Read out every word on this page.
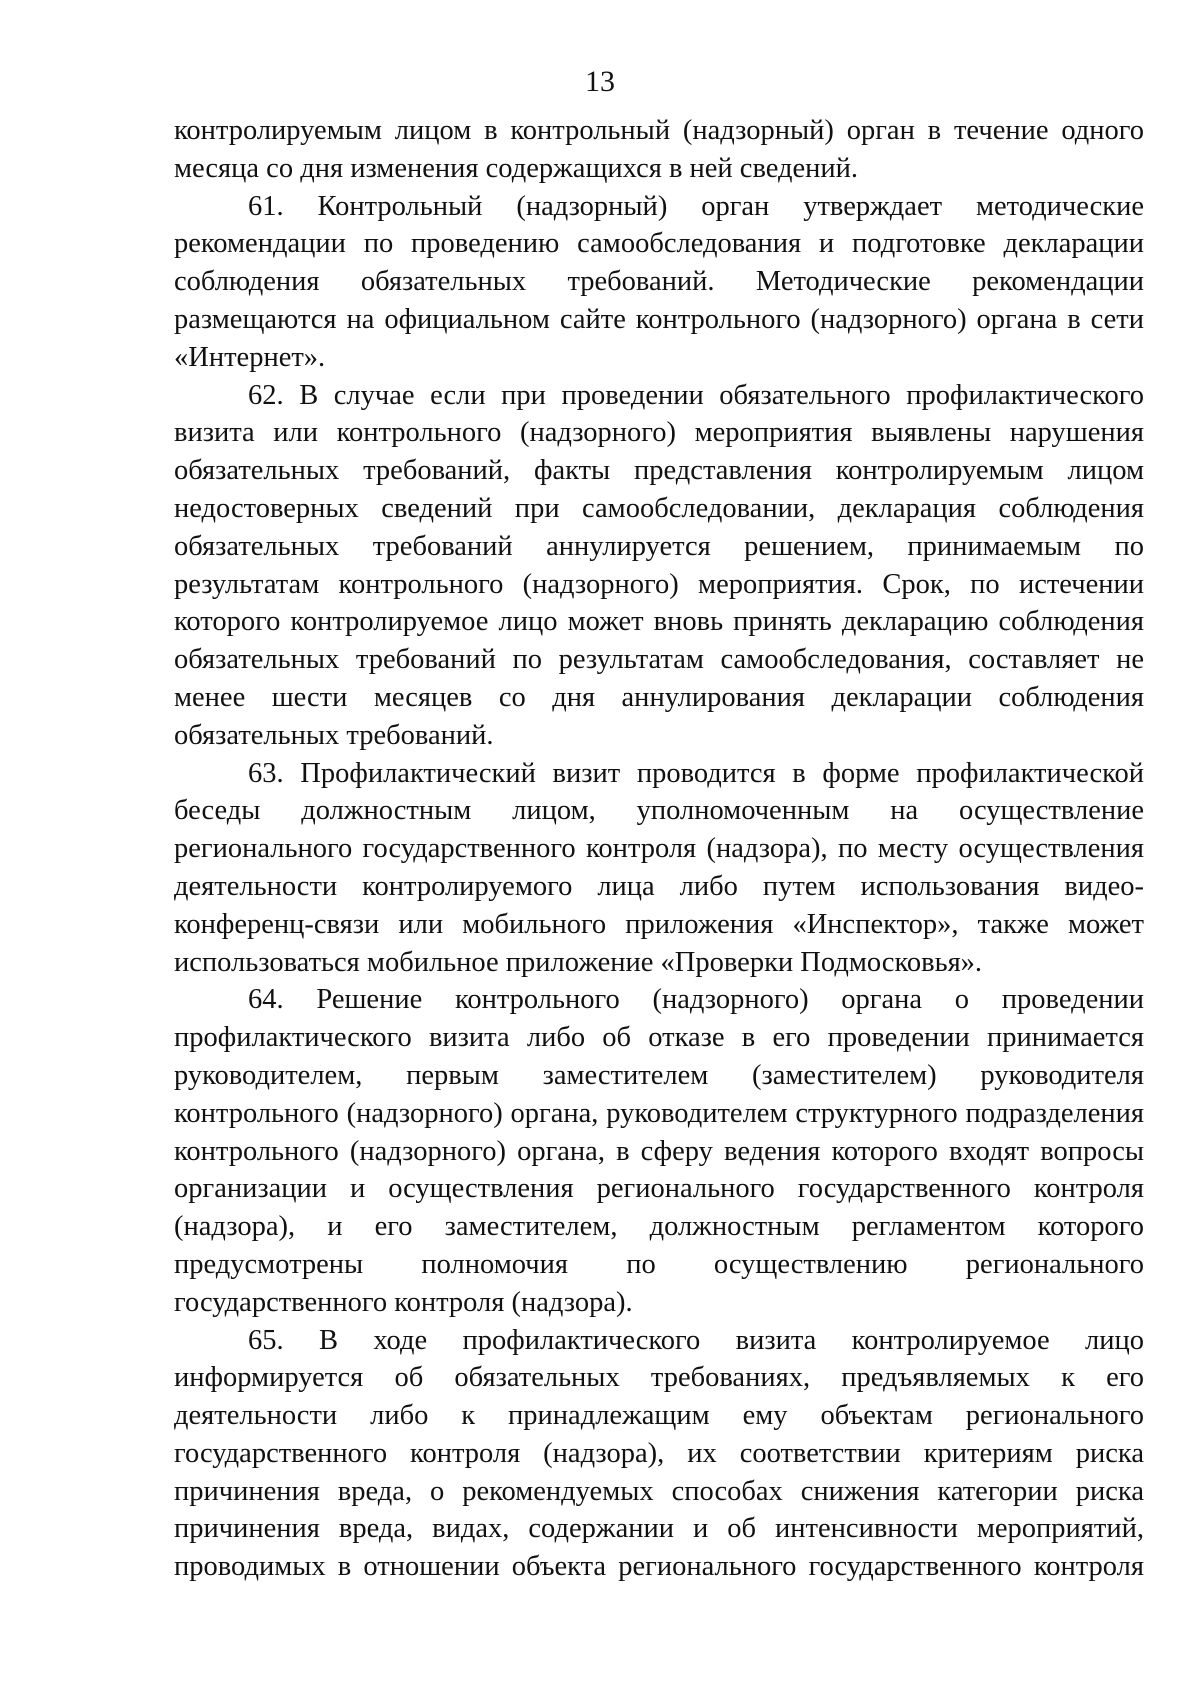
13

контролируемым лицом в контрольный (надзорный) орган в течение одного месяца со дня изменения содержащихся в ней сведений.

61. Контрольный (надзорный) орган утверждает методические рекомендации по проведению самообследования и подготовке декларации соблюдения обязательных требований. Методические рекомендации размещаются на официальном сайте контрольного (надзорного) органа в сети «Интернет».

62. В случае если при проведении обязательного профилактического визита или контрольного (надзорного) мероприятия выявлены нарушения обязательных требований, факты представления контролируемым лицом недостоверных сведений при самообследовании, декларация соблюдения обязательных требований аннулируется решением, принимаемым по результатам контрольного (надзорного) мероприятия. Срок, по истечении которого контролируемое лицо может вновь принять декларацию соблюдения обязательных требований по результатам самообследования, составляет не менее шести месяцев со дня аннулирования декларации соблюдения обязательных требований.

63. Профилактический визит проводится в форме профилактической беседы должностным лицом, уполномоченным на осуществление регионального государственного контроля (надзора), по месту осуществления деятельности контролируемого лица либо путем использования видео-конференц-связи или мобильного приложения «Инспектор», также может использоваться мобильное приложение «Проверки Подмосковья».

64. Решение контрольного (надзорного) органа о проведении профилактического визита либо об отказе в его проведении принимается руководителем, первым заместителем (заместителем) руководителя контрольного (надзорного) органа, руководителем структурного подразделения контрольного (надзорного) органа, в сферу ведения которого входят вопросы организации и осуществления регионального государственного контроля (надзора), и его заместителем, должностным регламентом которого предусмотрены полномочия по осуществлению регионального государственного контроля (надзора).

65. В ходе профилактического визита контролируемое лицо информируется об обязательных требованиях, предъявляемых к его деятельности либо к принадлежащим ему объектам регионального государственного контроля (надзора), их соответствии критериям риска причинения вреда, о рекомендуемых способах снижения категории риска причинения вреда, видах, содержании и об интенсивности мероприятий, проводимых в отношении объекта регионального государственного контроля
